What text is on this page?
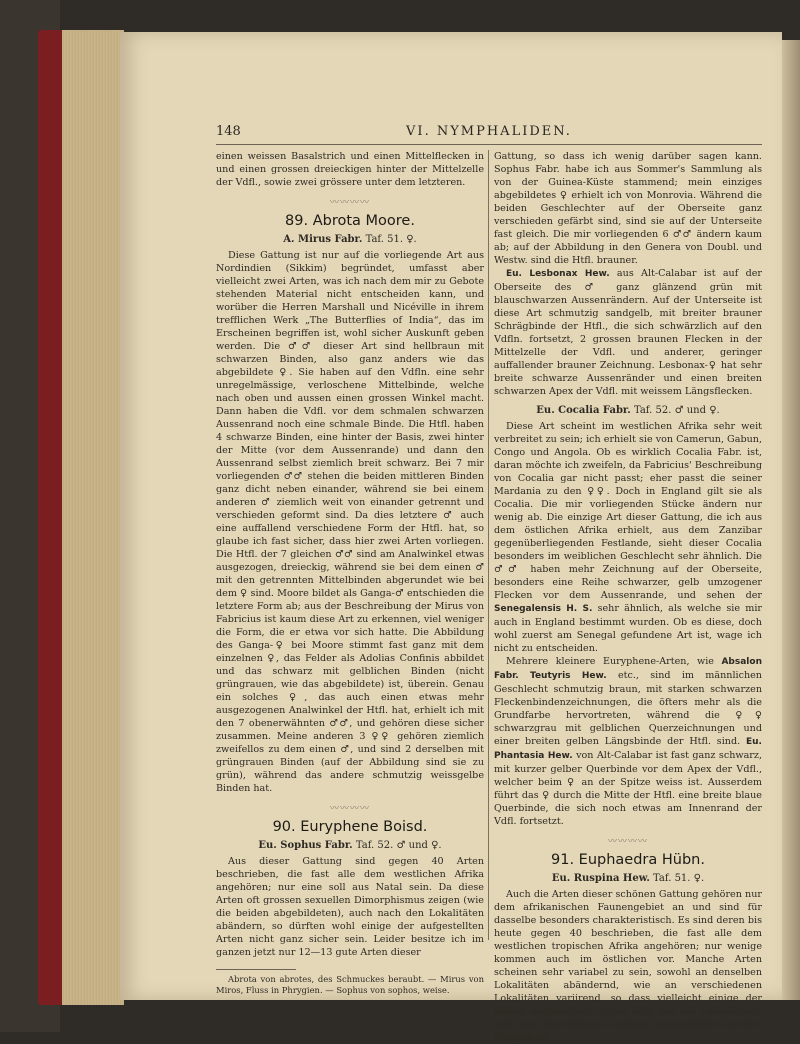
148	VI. NYMPHALIDEN.

einen weissen Basalstrich und einen Mittelflecken in und einen grossen dreieckigen hinter der Mittelzelle der Vdfl., sowie zwei grössere unter dem letzteren.

〰〰〰〰
89. Abrota Moore.
A. Mirus Fabr. Taf. 51. ♀.

Diese Gattung ist nur auf die vorliegende Art aus Nordindien (Sikkim) begründet, umfasst aber vielleicht zwei Arten, was ich nach dem mir zu Gebote stehenden Material nicht entscheiden kann, und worüber die Herren Marshall und Nicéville in ihrem trefflichen Werk „The Butterflies of India“, das im Erscheinen begriffen ist, wohl sicher Auskunft geben werden. Die ♂♂ dieser Art sind hellbraun mit schwarzen Binden, also ganz anders wie das abgebildete ♀. Sie haben auf den Vdfln. eine sehr unregelmässige, verloschene Mittelbinde, welche nach oben und aussen einen grossen Winkel macht. Dann haben die Vdfl. vor dem schmalen schwarzen Aussenrand noch eine schmale Binde. Die Htfl. haben 4 schwarze Binden, eine hinter der Basis, zwei hinter der Mitte (vor dem Aussenrande) und dann den Aussenrand selbst ziemlich breit schwarz. Bei 7 mir vorliegenden ♂♂ stehen die beiden mittleren Binden ganz dicht neben einander, während sie bei einem anderen ♂ ziemlich weit von einander getrennt und verschieden geformt sind. Da dies letztere ♂ auch eine auffallend verschiedene Form der Htfl. hat, so glaube ich fast sicher, dass hier zwei Arten vorliegen. Die Htfl. der 7 gleichen ♂♂ sind am Analwinkel etwas ausgezogen, dreieckig, während sie bei dem einen ♂ mit den getrennten Mittelbinden abgerundet wie bei dem ♀ sind. Moore bildet als Ganga-♂ entschieden die letztere Form ab; aus der Beschreibung der Mirus von Fabricius ist kaum diese Art zu erkennen, viel weniger die Form, die er etwa vor sich hatte. Die Abbildung des Ganga-♀ bei Moore stimmt fast ganz mit dem einzelnen ♀, das Felder als Adolias Confinis abbildet und das schwarz mit gelblichen Binden (nicht grüngrauen, wie das abgebildete) ist, überein. Genau ein solches ♀, das auch einen etwas mehr ausgezogenen Analwinkel der Htfl. hat, erhielt ich mit den 7 obenerwähnten ♂♂, und gehören diese sicher zusammen. Meine anderen 3 ♀♀ gehören ziemlich zweifellos zu dem einen ♂, und sind 2 derselben mit grüngrauen Binden (auf der Abbildung sind sie zu grün), während das andere schmutzig weissgelbe Binden hat.

〰〰〰〰
90. Euryphene Boisd.
Eu. Sophus Fabr. Taf. 52. ♂ und ♀.

Aus dieser Gattung sind gegen 40 Arten beschrieben, die fast alle dem westlichen Afrika angehören; nur eine soll aus Natal sein. Da diese Arten oft grossen sexuellen Dimorphismus zeigen (wie die beiden abgebildeten), auch nach den Lokalitäten abändern, so dürften wohl einige der aufgestellten Arten nicht ganz sicher sein. Leider besitze ich im ganzen jetzt nur 12—13 gute Arten dieser

Abrota von abrotes, des Schmuckes beraubt. — Mirus von Miros, Fluss in Phrygien. — Sophus von sophos, weise.

Gattung, so dass ich wenig darüber sagen kann. Sophus Fabr. habe ich aus Sommer's Sammlung als von der Guinea-Küste stammend; mein einziges abgebildetes ♀ erhielt ich von Monrovia. Während die beiden Geschlechter auf der Oberseite ganz verschieden gefärbt sind, sind sie auf der Unterseite fast gleich. Die mir vorliegenden 6 ♂♂ ändern kaum ab; auf der Abbildung in den Genera von Doubl. und Westw. sind die Htfl. brauner.

Eu. Lesbonax Hew. aus Alt-Calabar ist auf der Oberseite des ♂ ganz glänzend grün mit blauschwarzen Aussenrändern. Auf der Unterseite ist diese Art schmutzig sandgelb, mit breiter brauner Schrägbinde der Htfl., die sich schwärzlich auf den Vdfln. fortsetzt, 2 grossen braunen Flecken in der Mittelzelle der Vdfl. und anderer, geringer auffallender brauner Zeichnung. Lesbonax-♀ hat sehr breite schwarze Aussenränder und einen breiten schwarzen Apex der Vdfl. mit weissem Längsflecken.

Eu. Cocalia Fabr. Taf. 52. ♂ und ♀.

Diese Art scheint im westlichen Afrika sehr weit verbreitet zu sein; ich erhielt sie von Camerun, Gabun, Congo und Angola. Ob es wirklich Cocalia Fabr. ist, daran möchte ich zweifeln, da Fabricius' Beschreibung von Cocalia gar nicht passt; eher passt die seiner Mardania zu den ♀♀. Doch in England gilt sie als Cocalia. Die mir vorliegenden Stücke ändern nur wenig ab. Die einzige Art dieser Gattung, die ich aus dem östlichen Afrika erhielt, aus dem Zanzibar gegenüberliegenden Festlande, sieht dieser Cocalia besonders im weiblichen Geschlecht sehr ähnlich. Die ♂♂ haben mehr Zeichnung auf der Oberseite, besonders eine Reihe schwarzer, gelb umzogener Flecken vor dem Aussenrande, und sehen der Senegalensis H. S. sehr ähnlich, als welche sie mir auch in England bestimmt wurden. Ob es diese, doch wohl zuerst am Senegal gefundene Art ist, wage ich nicht zu entscheiden.

Mehrere kleinere Euryphene-Arten, wie Absalon Fabr. Teutyris Hew. etc., sind im männlichen Geschlecht schmutzig braun, mit starken schwarzen Fleckenbindenzeichnungen, die öfters mehr als die Grundfarbe hervortreten, während die ♀♀ schwarzgrau mit gelblichen Querzeichnungen und einer breiten gelben Längsbinde der Htfl. sind. Eu. Phantasia Hew. von Alt-Calabar ist fast ganz schwarz, mit kurzer gelber Querbinde vor dem Apex der Vdfl., welcher beim ♀ an der Spitze weiss ist. Ausserdem führt das ♀ durch die Mitte der Htfl. eine breite blaue Querbinde, die sich noch etwas am Innenrand der Vdfl. fortsetzt.

〰〰〰〰
91. Euphaedra Hübn.
Eu. Ruspina Hew. Taf. 51. ♀.

Auch die Arten dieser schönen Gattung gehören nur dem afrikanischen Faunengebiet an und sind für dasselbe besonders charakteristisch. Es sind deren bis heute gegen 40 beschrieben, die fast alle dem westlichen tropischen Afrika angehören; nur wenige kommen auch im östlichen vor. Manche Arten scheinen sehr variabel zu sein, sowohl an denselben Lokalitäten abändernd, wie an verschiedenen Lokalitäten variirend, so dass vielleicht einige der bisher aufgestellten Arten sich nur als Lokalformen oder gar Aberrationen anderer herausstellen werden. Ruspina ist
